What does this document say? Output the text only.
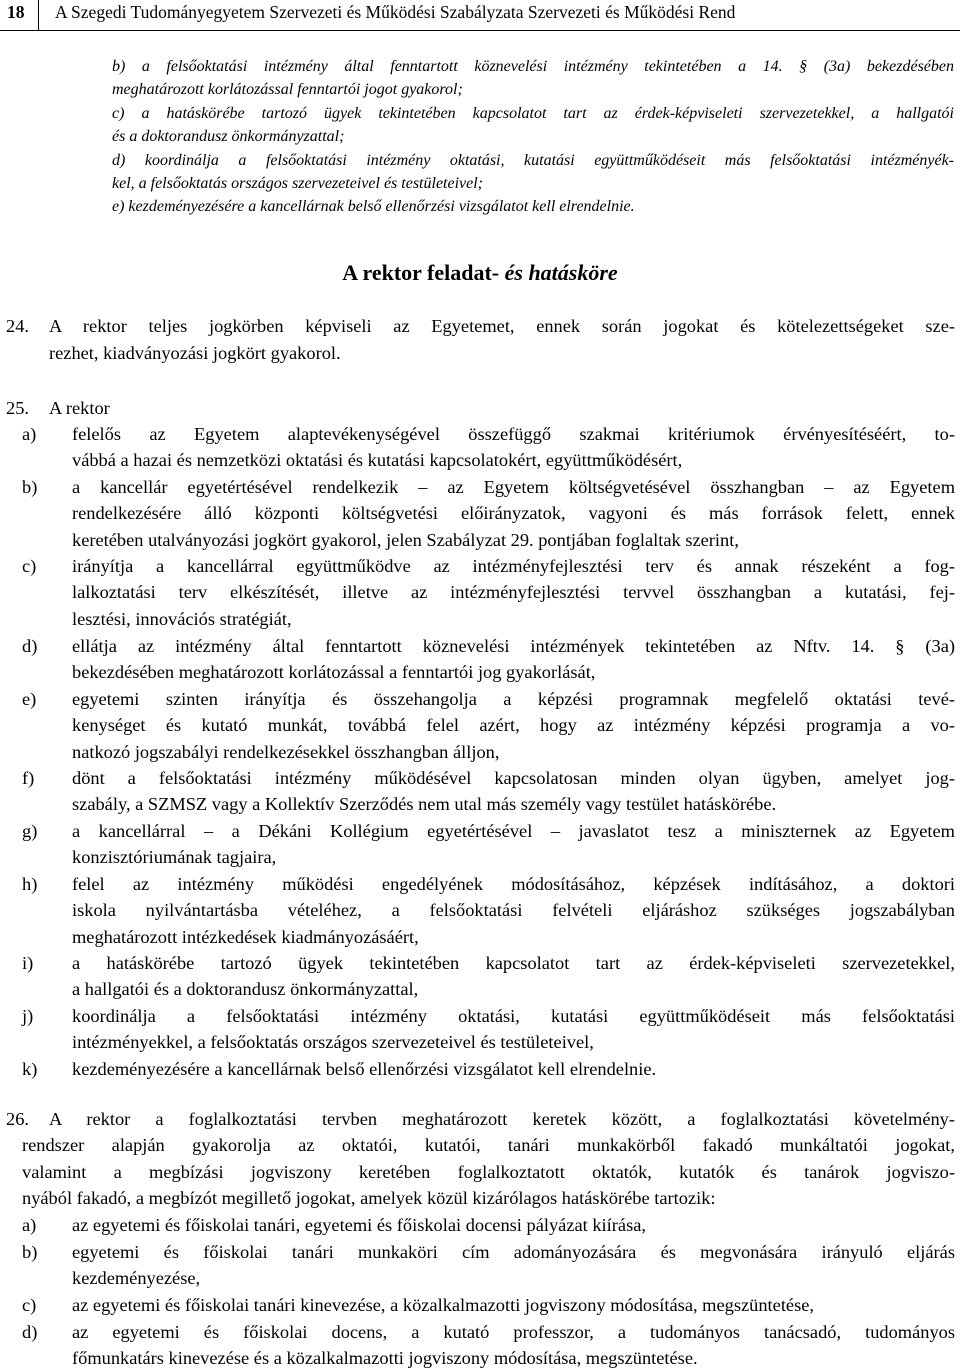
18 A Szegedi Tudományegyetem Szervezeti és Működési Szabályzata Szervezeti és Működési Rend

b) a felsőoktatási intézmény által fenntartott köznevelési intézmény tekintetében a 14. § (3a) bekezdésében

meghatározott korlátozással fenntartói jogot gyakorol;

c) a hatáskörébe tartozó ügyek tekintetében kapcsolatot tart az érdek-képviseleti szervezetekkel, a hallgatói

és a doktorandusz önkormányzattal;

d) koordinálja a felsőoktatási intézmény oktatási, kutatási együttműködéseit más felsőoktatási intézményék-

kel, a felsőoktatás országos szervezeteivel és testületeivel;

e) kezdeményezésére a kancellárnak belső ellenőrzési vizsgálatot kell elrendelnie.

A rektor feladat- és hatásköre
24. A rektor teljes jogkörben képviseli az Egyetemet, ennek során jogokat és kötelezettségeket sze-
rezhet, kiadványozási jogkört gyakorol.
25. A rektor
a) felelős az Egyetem alaptevékenységével összefüggő szakmai kritériumok érvényesítéséért, to-
vábbá a hazai és nemzetközi oktatási és kutatási kapcsolatokért, együttműködésért,
b) a kancellár egyetértésével rendelkezik – az Egyetem költségvetésével összhangban – az Egyetem
rendelkezésére álló központi költségvetési előirányzatok, vagyoni és más források felett, ennek
keretében utalványozási jogkört gyakorol, jelen Szabályzat 29. pontjában foglaltak szerint,
c) irányítja a kancellárral együttműködve az intézményfejlesztési terv és annak részeként a fog-
lalkoztatási terv elkészítését, illetve az intézményfejlesztési tervvel összhangban a kutatási, fej-
lesztési, innovációs stratégiát,
d) ellátja az intézmény által fenntartott köznevelési intézmények tekintetében az Nftv. 14. § (3a)
bekezdésében meghatározott korlátozással a fenntartói jog gyakorlását,
e) egyetemi szinten irányítja és összehangolja a képzési programnak megfelelő oktatási tevé-
kenységet és kutató munkát, továbbá felel azért, hogy az intézmény képzési programja a vo-
natkozó jogszabályi rendelkezésekkel összhangban álljon,
f) dönt a felsőoktatási intézmény működésével kapcsolatosan minden olyan ügyben, amelyet jog-
szabály, a SZMSZ vagy a Kollektív Szerződés nem utal más személy vagy testület hatáskörébe.
g) a kancellárral – a Dékáni Kollégium egyetértésével – javaslatot tesz a miniszternek az Egyetem
konzisztóriumának tagjaira,
h) felel az intézmény működési engedélyének módosításához, képzések indításához, a doktori
iskola nyilvántartásba vételéhez, a felsőoktatási felvételi eljáráshoz szükséges jogszabályban
meghatározott intézkedések kiadmányozásáért,
i) a hatáskörébe tartozó ügyek tekintetében kapcsolatot tart az érdek-képviseleti szervezetekkel,
a hallgatói és a doktorandusz önkormányzattal,
j) koordinálja a felsőoktatási intézmény oktatási, kutatási együttműködéseit más felsőoktatási
intézményekkel, a felsőoktatás országos szervezeteivel és testületeivel,
k) kezdeményezésére a kancellárnak belső ellenőrzési vizsgálatot kell elrendelnie.
26. A rektor a foglalkoztatási tervben meghatározott keretek között, a foglalkoztatási követelmény-
rendszer alapján gyakorolja az oktatói, kutatói, tanári munkakörből fakadó munkáltatói jogokat,
valamint a megbízási jogviszony keretében foglalkoztatott oktatók, kutatók és tanárok jogviszo-
nyából fakadó, a megbízót megillető jogokat, amelyek közül kizárólagos hatáskörébe tartozik:
a) az egyetemi és főiskolai tanári, egyetemi és főiskolai docensi pályázat kiírása,
b) egyetemi és főiskolai tanári munkaköri cím adományozására és megvonására irányuló eljárás
kezdeményezése,
c) az egyetemi és főiskolai tanári kinevezése, a közalkalmazotti jogviszony módosítása, megszüntetése,
d) az egyetemi és főiskolai docens, a kutató professzor, a tudományos tanácsadó, tudományos
főmunkatárs kinevezése és a közalkalmazotti jogviszony módosítása, megszüntetése.
